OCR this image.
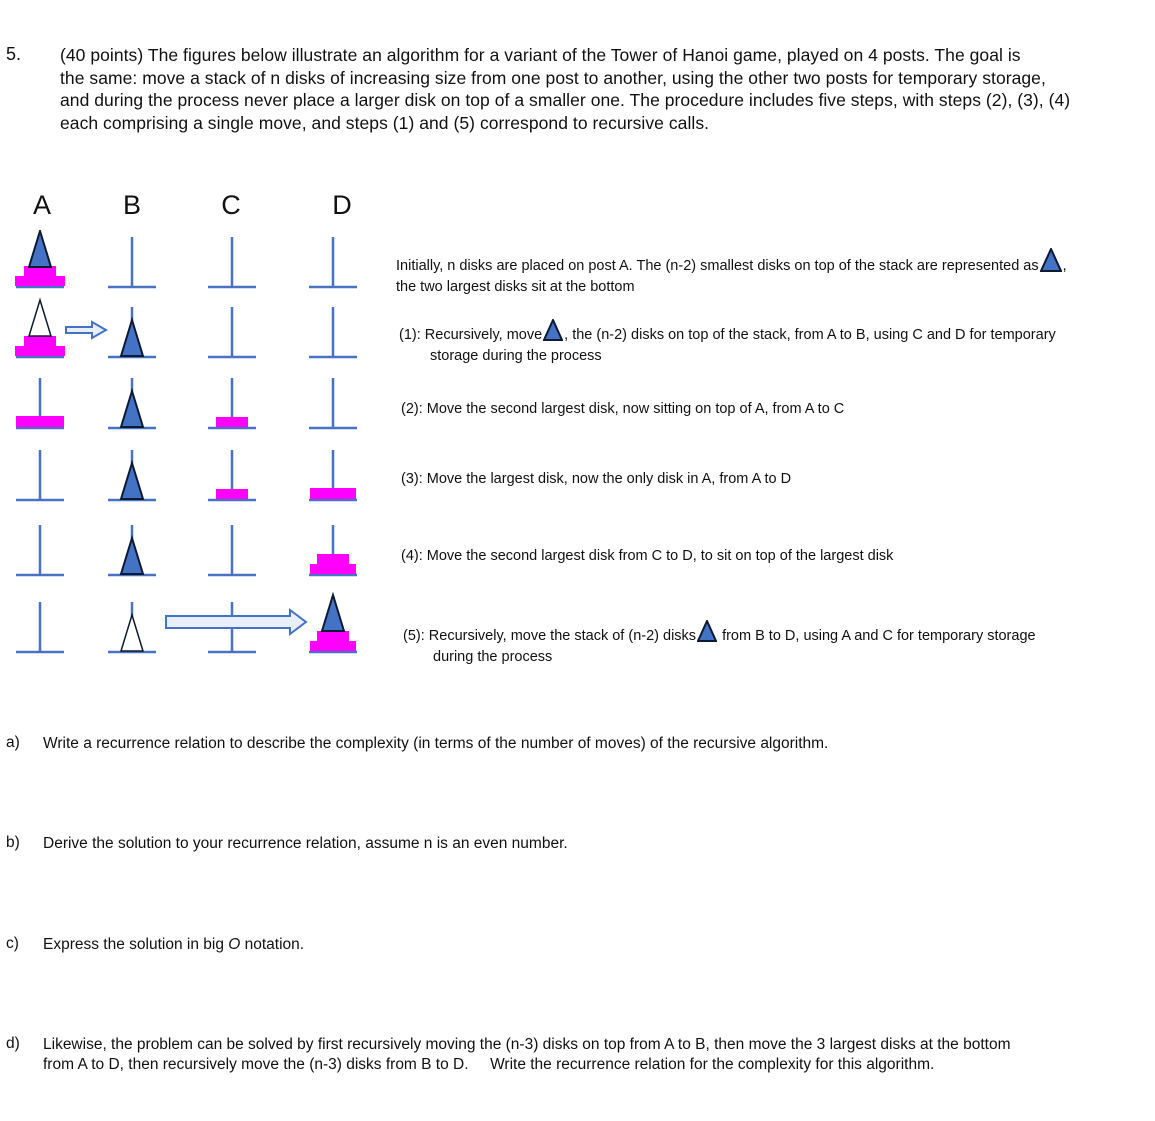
5. (40 points) The figures below illustrate an algorithm for a variant of the Tower of Hanoi game, played on 4 posts. The goal is

the same: move a stack of n disks of increasing size from one post to another, using the other two posts for temporary storage,

and during the process never place a larger disk on top of a smaller one. The procedure includes five steps, with steps (2), (3), (4)

each comprising a single move, and steps (1) and (5) correspond to recursive calls.

A	B	C	D
Initially, n disks are placed on post A. The (n-2) smallest disks on top of the stack are represented as ,
the two largest disks sit at the bottom
(1): Recursively, move , the (n-2) disks on top of the stack, from A to B, using C and D for temporary
storage during the process
(2): Move the second largest disk, now sitting on top of A, from A to C
(3): Move the largest disk, now the only disk in A, from A to D
(4): Move the second largest disk from C to D, to sit on top of the largest disk
(5): Recursively, move the stack of (n-2) disks from B to D, using A and C for temporary storage
during the process
a) Write a recurrence relation to describe the complexity (in terms of the number of moves) of the recursive algorithm.
b) Derive the solution to your recurrence relation, assume n is an even number.
c) Express the solution in big O notation.
d) Likewise, the problem can be solved by first recursively moving the (n-3) disks on top from A to B, then move the 3 largest disks at the bottom
from A to D, then recursively move the (n-3) disks from B to D.     Write the recurrence relation for the complexity for this algorithm.
